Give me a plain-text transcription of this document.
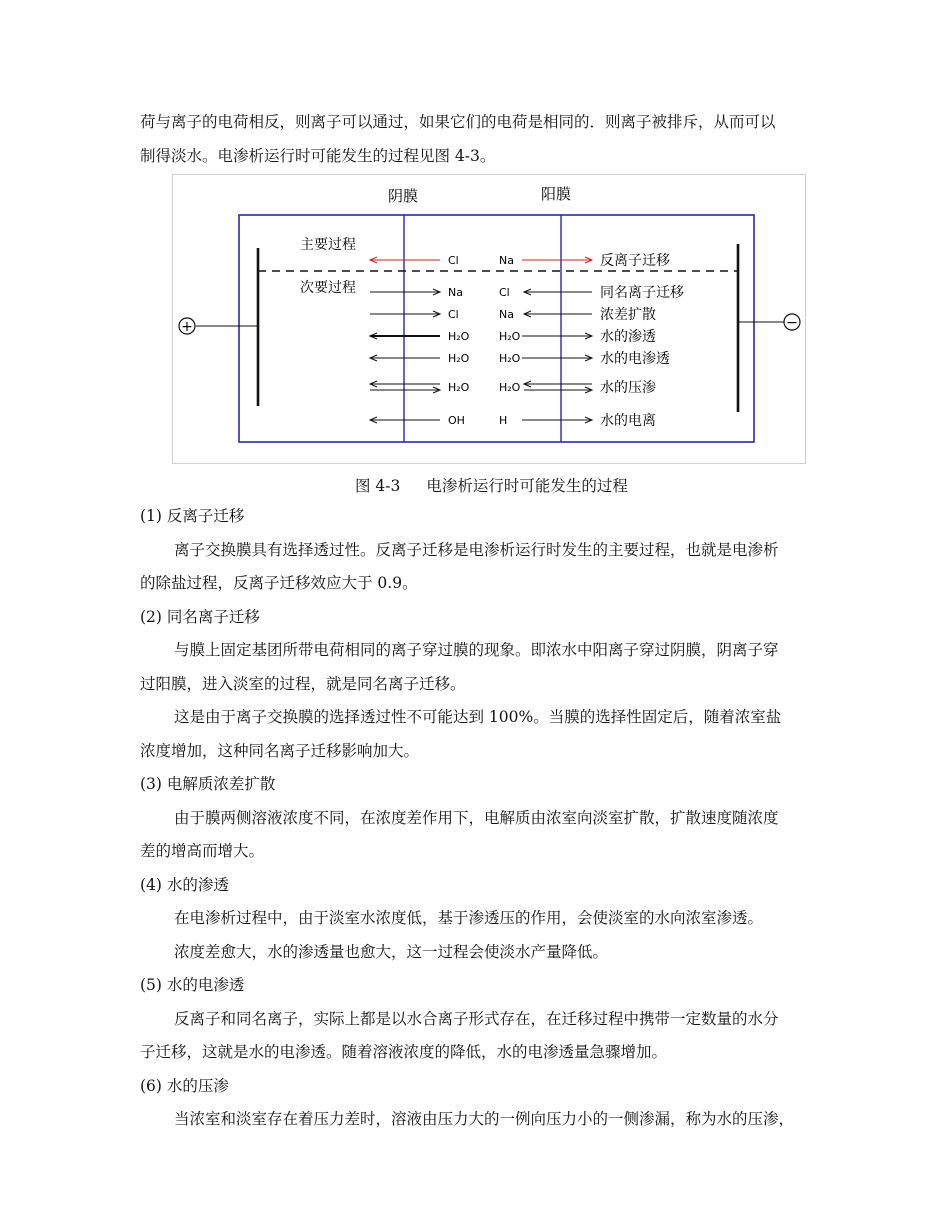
荷与离子的电荷相反，则离子可以通过，如果它们的电荷是相同的．则离子被排斥，从而可以
制得淡水。电渗析运行时可能发生的过程见图 4-3。
+	−
阴膜	阳膜
主要过程
次要过程
Cl	Na	反离子迁移
Na	Cl	同名离子迁移
Cl	Na	浓差扩散
H₂O	H₂O	水的渗透
H₂O	H₂O	水的电渗透
H₂O	H₂O	水的压渗
OH	H	水的电离
图 4-3 电渗析运行时可能发生的过程
(1) 反离子迁移
离子交换膜具有选择透过性。反离子迁移是电渗析运行时发生的主要过程，也就是电渗析
的除盐过程，反离子迁移效应大于 0.9。
(2) 同名离子迁移
与膜上固定基团所带电荷相同的离子穿过膜的现象。即浓水中阳离子穿过阴膜，阴离子穿
过阳膜，进入淡室的过程，就是同名离子迁移。
这是由于离子交换膜的选择透过性不可能达到 100%。当膜的选择性固定后，随着浓室盐
浓度增加，这种同名离子迁移影响加大。
(3) 电解质浓差扩散
由于膜两侧溶液浓度不同，在浓度差作用下，电解质由浓室向淡室扩散，扩散速度随浓度
差的增高而增大。
(4) 水的渗透
在电渗析过程中，由于淡室水浓度低，基于渗透压的作用，会使淡室的水向浓室渗透。
浓度差愈大，水的渗透量也愈大，这一过程会使淡水产量降低。
(5) 水的电渗透
反离子和同名离子，实际上都是以水合离子形式存在，在迁移过程中携带一定数量的水分
子迁移，这就是水的电渗透。随着溶液浓度的降低，水的电渗透量急骤增加。
(6) 水的压渗
当浓室和淡室存在着压力差时，溶液由压力大的一例向压力小的一侧渗漏，称为水的压渗，
